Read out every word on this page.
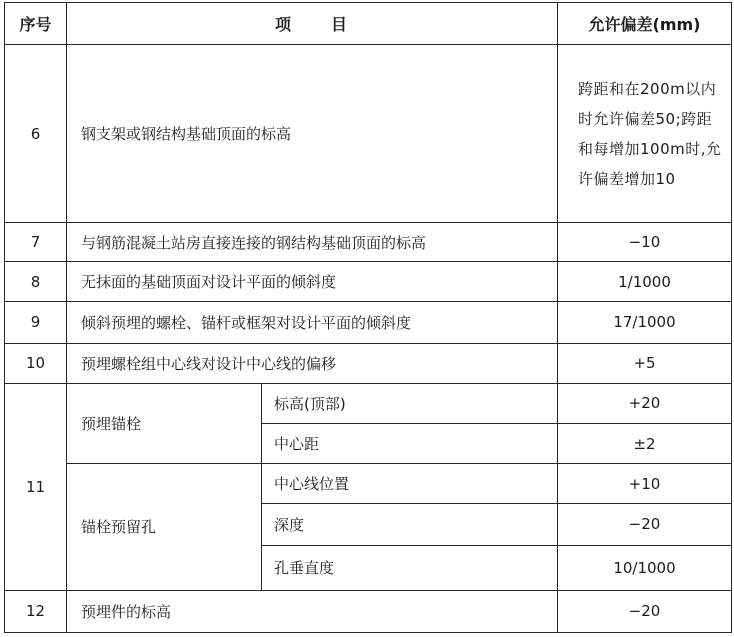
序号	项 目		允许偏差(mm)
6	钢支架或钢结构基础顶面的标高		跨距和在200m以内时允许偏差50;跨距和每增加100m时,允许偏差增加10
7	与钢筋混凝土站房直接连接的钢结构基础顶面的标高		−10
8	无抹面的基础顶面对设计平面的倾斜度		1/1000
9	倾斜预埋的螺栓、锚杆或框架对设计平面的倾斜度		17/1000
10	预埋螺栓组中心线对设计中心线的偏移		+5
11	预埋锚栓	标高(顶部)	+20
		中心距	±2
	锚栓预留孔	中心线位置	+10
		深度	−20
		孔垂直度	10/1000
12	预埋件的标高		−20
